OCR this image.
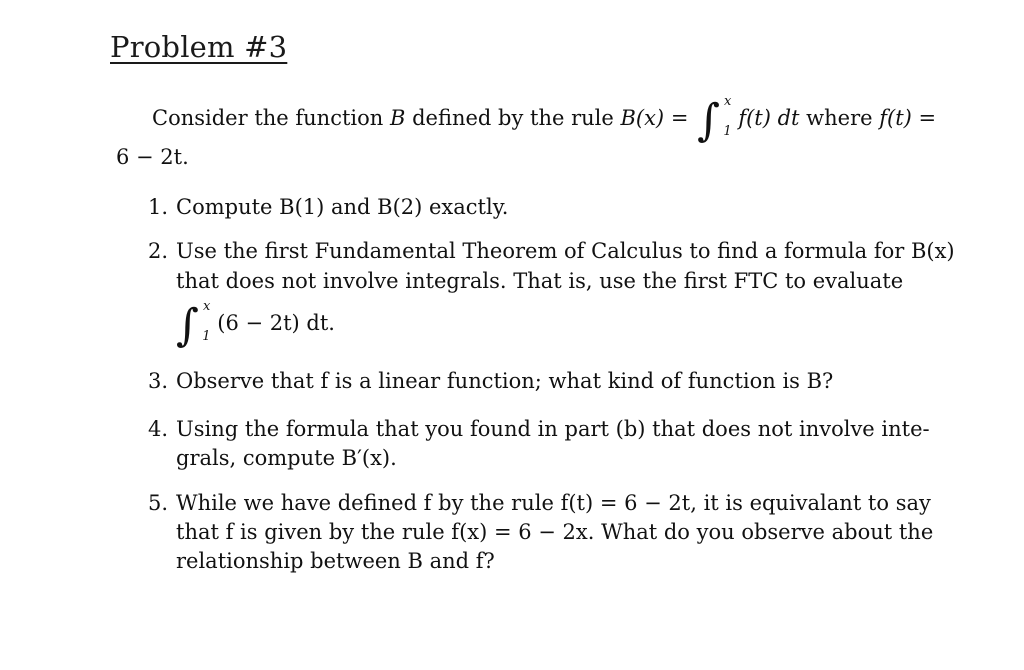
Problem #3
Consider the function B defined by the rule B(x) = ∫ x1 f(t) dt where f(t) =
6 − 2t.
1. Compute B(1) and B(2) exactly.
2. Use the first Fundamental Theorem of Calculus to find a formula for B(x)
that does not involve integrals. That is, use the first FTC to evaluate
∫ x1 (6 − 2t) dt.
3. Observe that f is a linear function; what kind of function is B?
4. Using the formula that you found in part (b) that does not involve inte-
grals, compute B′(x).
5. While we have defined f by the rule f(t) = 6 − 2t, it is equivalant to say
that f is given by the rule f(x) = 6 − 2x. What do you observe about the
relationship between B and f?
